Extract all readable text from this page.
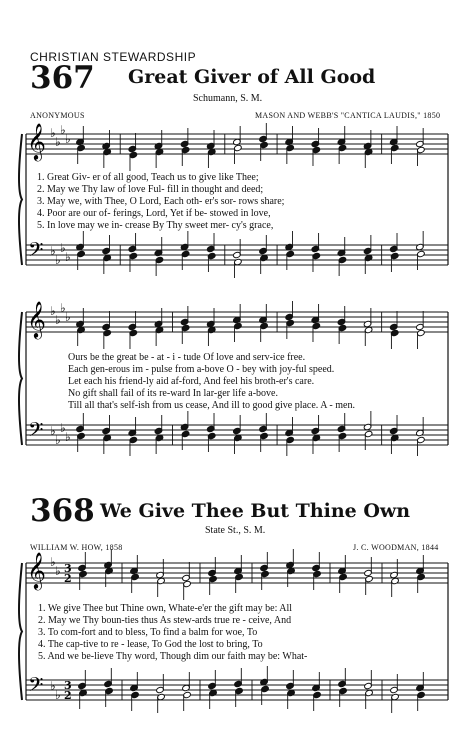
CHRISTIAN STEWARDSHIP
367 Great Giver of All Good
Schumann, S. M.
ANONYMOUS	MASON AND WEBB'S "CANTICA LAUDIS," 1850
1. Great Giv- er of all good, Teach us to give like Thee;
2. May we Thy law of love Ful- fill in thought and deed;
3. May we, with Thee, O Lord, Each oth- er's sor- rows share;
4. Poor are our of- ferings, Lord, Yet if be- stowed in love,
5. In love may we in- crease By Thy sweet mer- cy's grace,
Ours be the great be - at - i - tude Of love and serv-ice free.
Each gen-erous im - pulse from a-bove O - bey with joy-ful speed.
Let each his friend-ly aid af-ford, And feel his broth-er's care.
No gift shall fail of its re-ward In lar-ger life a-bove.
Till all that's self-ish from us cease, And ill to good give place. A - men.
368 We Give Thee But Thine Own
State St., S. M.
WILLIAM W. HOW, 1858	J. C. WOODMAN, 1844
1. We give Thee but Thine own, Whate-e'er the gift may be: All
2. May we Thy boun-ties thus As stew-ards true re - ceive, And
3. To com-fort and to bless, To find a balm for woe, To
4. The cap-tive to re - lease, To God the lost to bring, To
5. And we be-lieve Thy word, Though dim our faith may be: What-
𝄞
𝄢
♭
♭
♭
♭
♭
♭
♭
♭
𝄞
𝄢
♭
♭
♭
♭
♭
♭
♭
♭
𝄞
𝄢
♭
♭
♭
♭
3
2
3
2
